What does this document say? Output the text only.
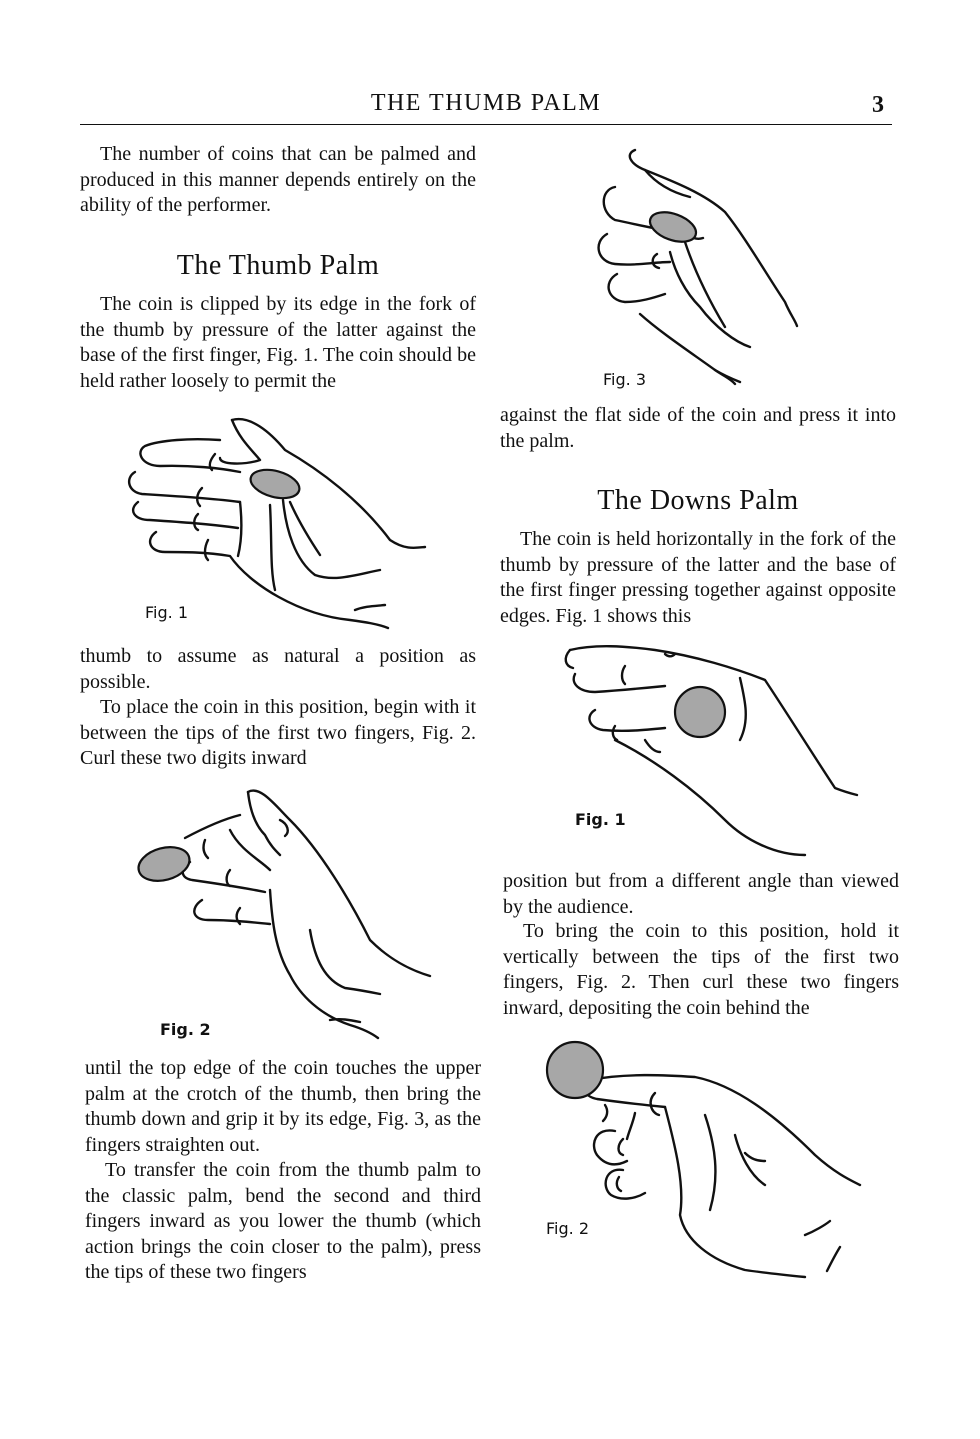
THE THUMB PALM	3

The number of coins that can be palmed and produced in this manner depends entirely on the ability of the performer.

The Thumb Palm

The coin is clipped by its edge in the fork of the thumb by pressure of the latter against the base of the first finger, Fig. 1. The coin should be held rather loosely to permit the

Fig. 1

thumb to assume as natural a position as possible.

To place the coin in this position, begin with it between the tips of the first two fingers, Fig. 2. Curl these two digits inward

Fig. 2

until the top edge of the coin touches the upper palm at the crotch of the thumb, then bring the thumb down and grip it by its edge, Fig. 3, as the fingers straighten out.

To transfer the coin from the thumb palm to the classic palm, bend the second and third fingers inward as you lower the thumb (which action brings the coin closer to the palm), press the tips of these two fingers

Fig. 3

against the flat side of the coin and press it into the palm.

The Downs Palm

The coin is held horizontally in the fork of the thumb by pressure of the latter and the base of the first finger pressing together against opposite edges. Fig. 1 shows this

Fig. 1

position but from a different angle than viewed by the audience.

To bring the coin to this position, hold it vertically between the tips of the first two fingers, Fig. 2. Then curl these two fingers inward, depositing the coin behind the

Fig. 2
